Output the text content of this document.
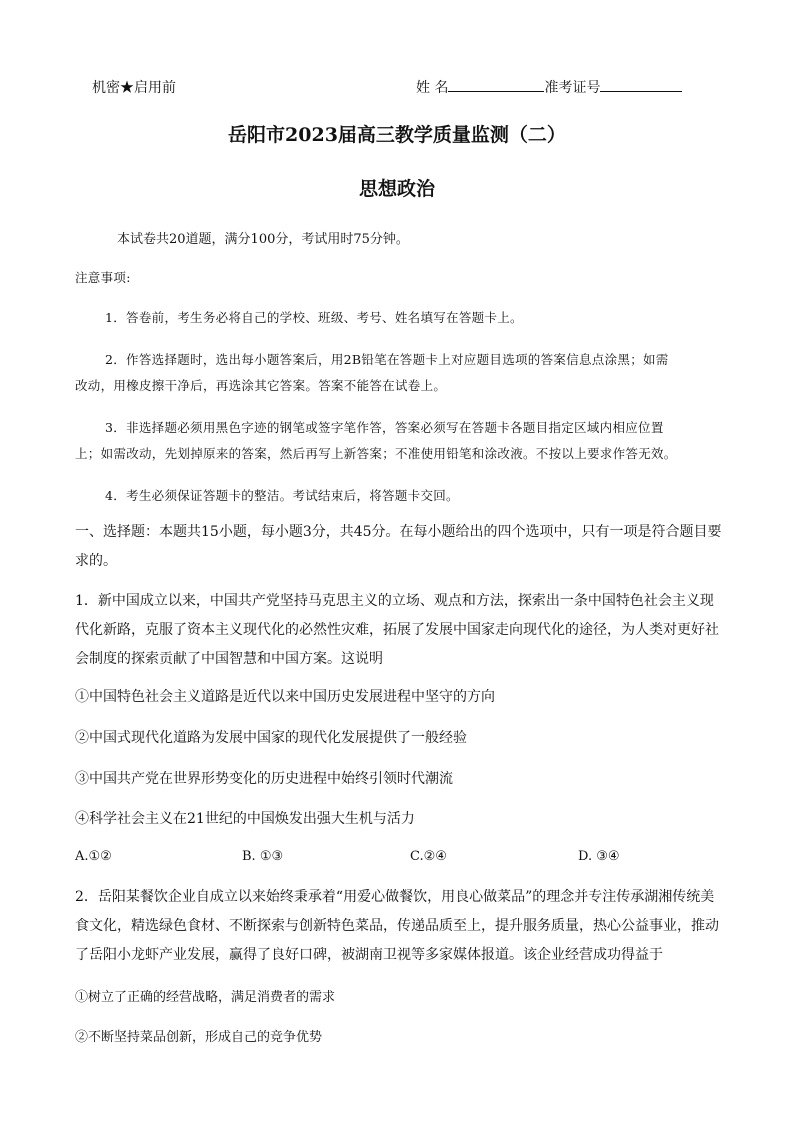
机密★启用前	姓 名	准考证号
岳阳市2023届高三教学质量监测（二）
思想政治
本试卷共20道题，满分100分，考试用时75分钟。
注意事项:
1．答卷前，考生务必将自己的学校、班级、考号、姓名填写在答题卡上。
2．作答选择题时，选出每小题答案后，用2B铅笔在答题卡上对应题目选项的答案信息点涂黑；如需
改动，用橡皮擦干净后，再选涂其它答案。答案不能答在试卷上。
3．非选择题必须用黑色字迹的钢笔或签字笔作答，答案必须写在答题卡各题目指定区域内相应位置
上；如需改动，先划掉原来的答案，然后再写上新答案；不准使用铅笔和涂改液。不按以上要求作答无效。
4．考生必须保证答题卡的整洁。考试结束后，将答题卡交回。
一、选择题：本题共15小题，每小题3分，共45分。在每小题给出的四个选项中，只有一项是符合题目要求的。
1．新中国成立以来，中国共产党坚持马克思主义的立场、观点和方法，探索出一条中国特色社会主义现代化新路，克服了资本主义现代化的必然性灾难，拓展了发展中国家走向现代化的途径，为人类对更好社会制度的探索贡献了中国智慧和中国方案。这说明
①中国特色社会主义道路是近代以来中国历史发展进程中坚守的方向
②中国式现代化道路为发展中国家的现代化发展提供了一般经验
③中国共产党在世界形势变化的历史进程中始终引领时代潮流
④科学社会主义在21世纪的中国焕发出强大生机与活力
A.①②	B. ①③	C.②④	D. ③④
2．岳阳某餐饮企业自成立以来始终秉承着“用爱心做餐饮，用良心做菜品”的理念并专注传承湖湘传统美食文化，精选绿色食材、不断探索与创新特色菜品，传递品质至上，提升服务质量，热心公益事业，推动了岳阳小龙虾产业发展，赢得了良好口碑，被湖南卫视等多家媒体报道。该企业经营成功得益于
①树立了正确的经营战略，满足消费者的需求
②不断坚持菜品创新，形成自己的竞争优势
